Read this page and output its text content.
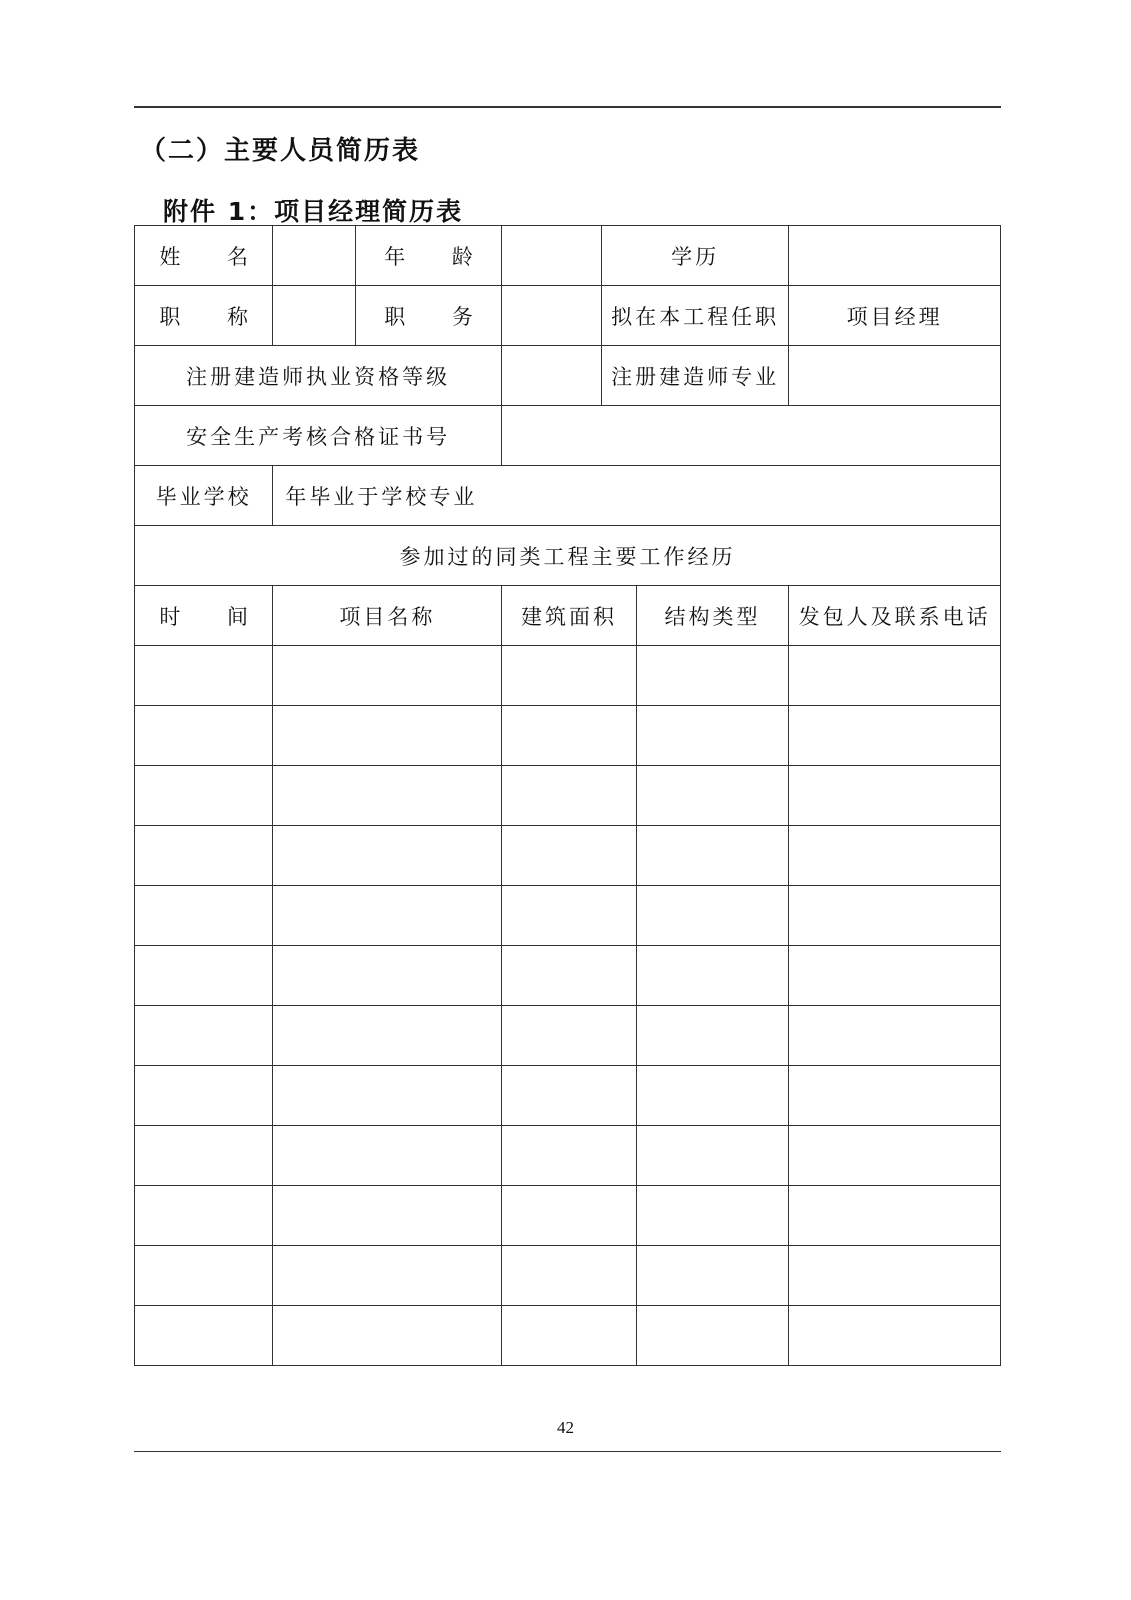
（二）主要人员简历表
附件 1：项目经理简历表
姓 名		年 龄		学历		
职 称		职 务		拟在本工程任职		项目经理
注册建造师执业资格等级				注册建造师专业		
安全生产考核合格证书号						
毕业学校	年毕业于学校专业					
参加过的同类工程主要工作经历						
时 间	项目名称		建筑面积		结构类型	发包人及联系电话

42
